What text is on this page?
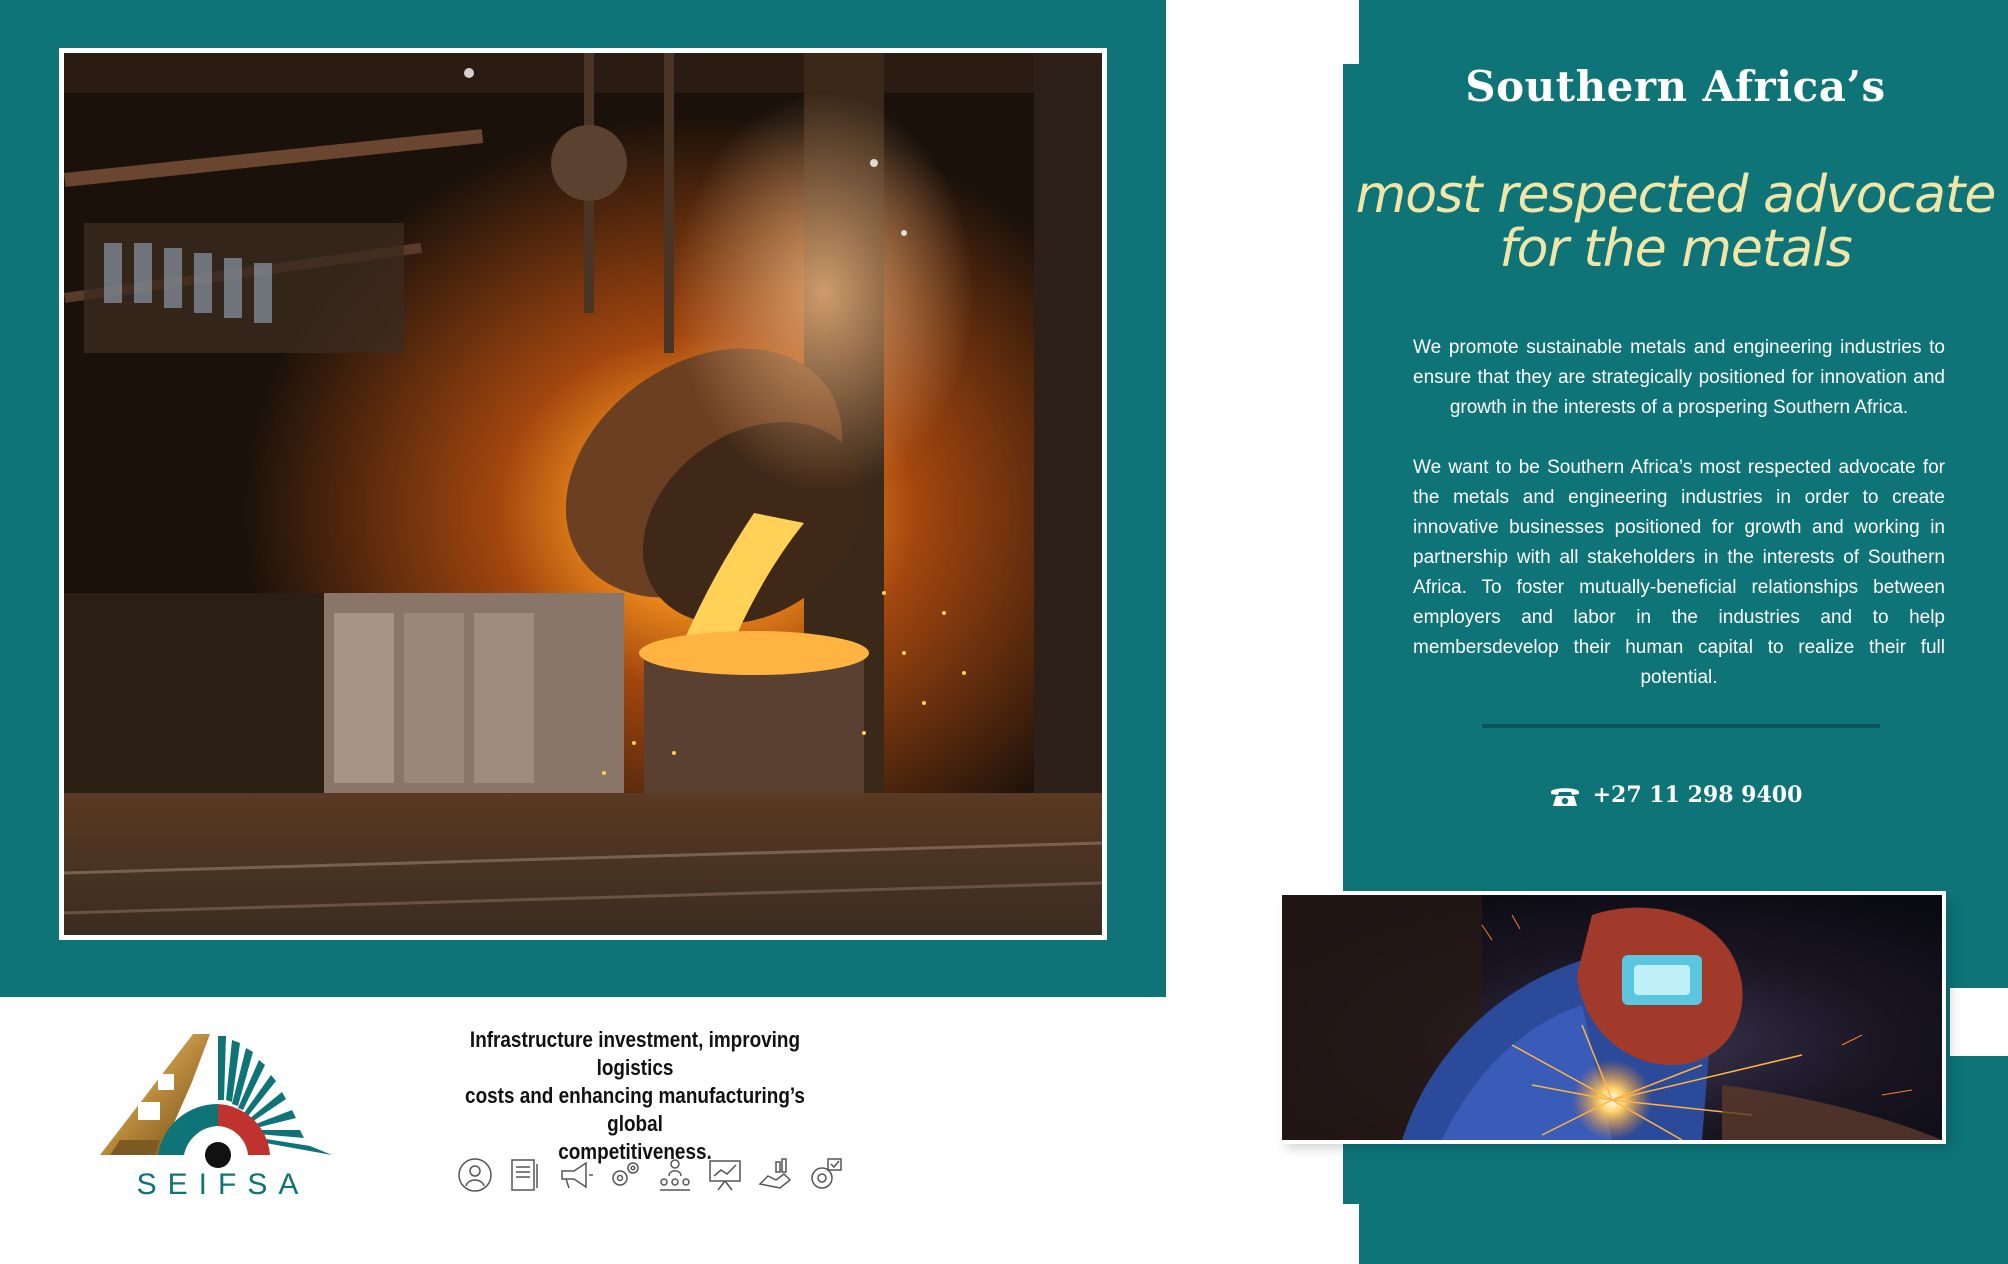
Southern Africa’s
most respected advocate
for the metals

We promote sustainable metals and engineering industries to ensure that they are strategically positioned for innovation and growth in the interests of a prospering Southern Africa.

We want to be Southern Africa’s most respected advocate for the metals and engineering industries in order to create innovative businesses positioned for growth and working in partnership with all stakeholders in the interests of Southern Africa. To foster mutually-beneficial relationships between employers and labor in the industries and to help membersdevelop their human capital to realize their full potential.

+27 11 298 9400
SEIFSA
Infrastructure investment, improving logistics
costs and enhancing manufacturing’s global
competitiveness.
